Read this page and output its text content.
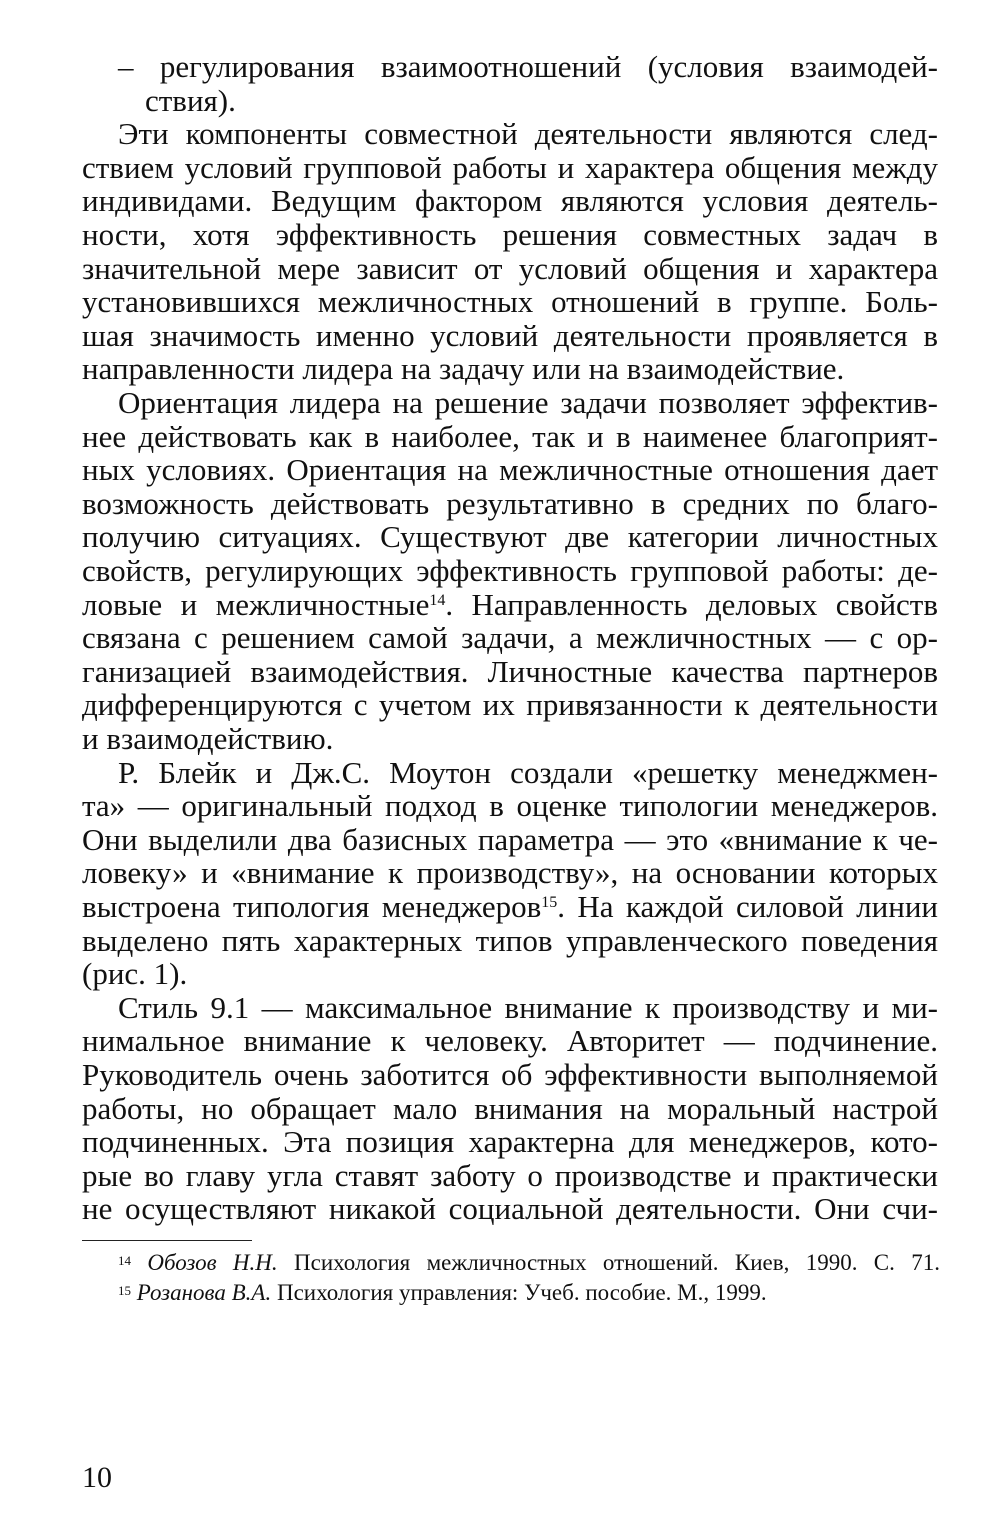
– регулирования взаимоотношений (условия взаимодей-
ствия).
Эти компоненты совместной деятельности являются след-
ствием условий групповой работы и характера общения между
индивидами. Ведущим фактором являются условия деятель-
ности, хотя эффективность решения совместных задач в
значительной мере зависит от условий общения и характера
установившихся межличностных отношений в группе. Боль-
шая значимость именно условий деятельности проявляется в
направленности лидера на задачу или на взаимодействие.
Ориентация лидера на решение задачи позволяет эффектив-
нее действовать как в наиболее, так и в наименее благоприят-
ных условиях. Ориентация на межличностные отношения дает
возможность действовать результативно в средних по благо-
получию ситуациях. Существуют две категории личностных
свойств, регулирующих эффективность групповой работы: де-
ловые и межличностные$^{14}$. Направленность деловых свойств
связана с решением самой задачи, а межличностных — с ор-
ганизацией взаимодействия. Личностные качества партнеров
дифференцируются с учетом их привязанности к деятельности
и взаимодействию.
Р. Блейк и Дж.С. Моутон создали «решетку менеджмен-
та» — оригинальный подход в оценке типологии менеджеров.
Они выделили два базисных параметра — это «внимание к че-
ловеку» и «внимание к производству», на основании которых
выстроена типология менеджеров$^{15}$. На каждой силовой линии
выделено пять характерных типов управленческого поведения
(рис. 1).
Стиль 9.1 — максимальное внимание к производству и ми-
нимальное внимание к человеку. Авторитет — подчинение.
Руководитель очень заботится об эффективности выполняемой
работы, но обращает мало внимания на моральный настрой
подчиненных. Эта позиция характерна для менеджеров, кото-
рые во главу угла ставят заботу о производстве и практически
не осуществляют никакой социальной деятельности. Они счи-
$^{14}$ Обозов Н.Н. Психология межличностных отношений. Киев, 1990. С. 71.
$^{15}$ Розанова В.А. Психология управления: Учеб. пособие. М., 1999.
10
